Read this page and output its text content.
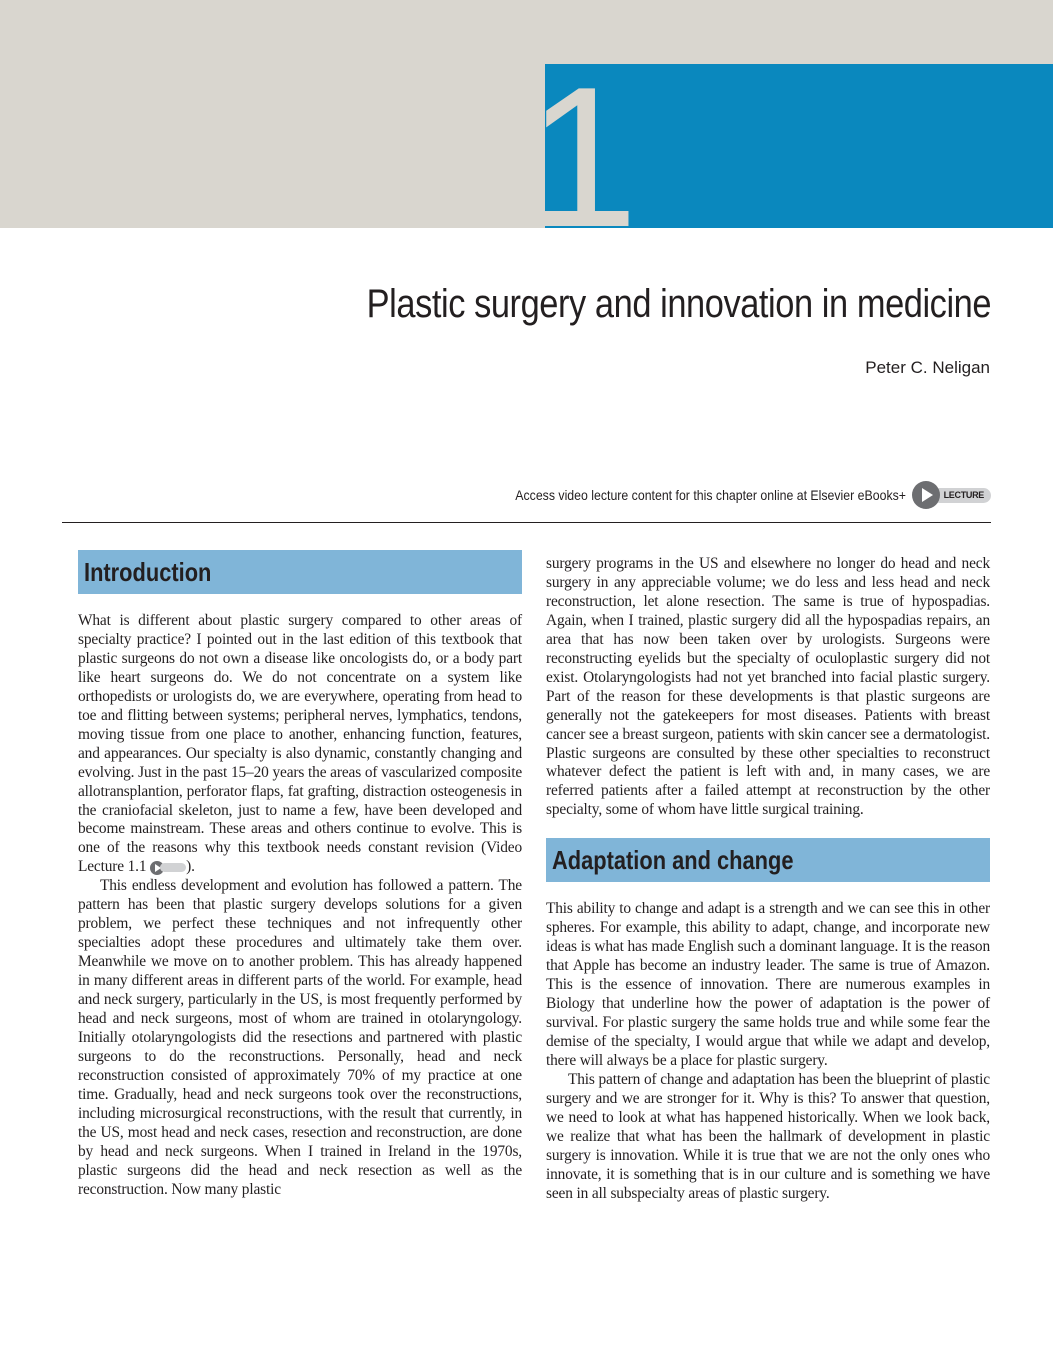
1
Plastic surgery and innovation in medicine
Peter C. Neligan
Access video lecture content for this chapter online at Elsevier eBooks+	LECTURE
Introduction

What is different about plastic surgery compared to other areas of specialty practice? I pointed out in the last edition of this textbook that plastic surgeons do not own a disease like oncologists do, or a body part like heart surgeons do. We do not concentrate on a system like orthopedists or urologists do, we are everywhere, operating from head to toe and flitting between systems; peripheral nerves, lymphatics, tendons, moving tissue from one place to another, enhancing function, features, and appearances. Our specialty is also dynamic, constantly changing and evolving. Just in the past 15–20 years the areas of vascularized composite allotransplantion, perforator flaps, fat grafting, distraction osteogenesis in the craniofacial skeleton, just to name a few, have been developed and become mainstream. These areas and others continue to evolve. This is one of the reasons why this textbook needs constant revision (Video Lecture 1.1	).

This endless development and evolution has followed a pattern. The pattern has been that plastic surgery develops solutions for a given problem, we perfect these techniques and not infrequently other specialties adopt these procedures and ultimately take them over. Meanwhile we move on to another problem. This has already happened in many different areas in different parts of the world. For example, head and neck surgery, particularly in the US, is most frequently performed by head and neck surgeons, most of whom are trained in otolaryngology. Initially otolaryngologists did the resections and partnered with plastic surgeons to do the reconstructions. Personally, head and neck reconstruction consisted of approximately 70% of my practice at one time. Gradually, head and neck surgeons took over the reconstructions, including microsurgical reconstructions, with the result that currently, in the US, most head and neck cases, resection and reconstruction, are done by head and neck surgeons. When I trained in Ireland in the 1970s, plastic surgeons did the head and neck resection as well as the reconstruction. Now many plastic

surgery programs in the US and elsewhere no longer do head and neck surgery in any appreciable volume; we do less and less head and neck reconstruction, let alone resection. The same is true of hypospadias. Again, when I trained, plastic surgery did all the hypospadias repairs, an area that has now been taken over by urologists. Surgeons were reconstructing eyelids but the specialty of oculoplastic surgery did not exist. Otolaryngologists had not yet branched into facial plastic surgery. Part of the reason for these developments is that plastic surgeons are generally not the gatekeepers for most diseases. Patients with breast cancer see a breast surgeon, patients with skin cancer see a dermatologist. Plastic surgeons are consulted by these other specialties to reconstruct whatever defect the patient is left with and, in many cases, we are referred patients after a failed attempt at reconstruction by the other specialty, some of whom have little surgical training.

Adaptation and change

This ability to change and adapt is a strength and we can see this in other spheres. For example, this ability to adapt, change, and incorporate new ideas is what has made English such a dominant language. It is the reason that Apple has become an industry leader. The same is true of Amazon. This is the essence of innovation. There are numerous examples in Biology that underline how the power of adaptation is the power of survival. For plastic surgery the same holds true and while some fear the demise of the specialty, I would argue that while we adapt and develop, there will always be a place for plastic surgery.

This pattern of change and adaptation has been the blueprint of plastic surgery and we are stronger for it. Why is this? To answer that question, we need to look at what has happened historically. When we look back, we realize that what has been the hallmark of development in plastic surgery is innovation. While it is true that we are not the only ones who innovate, it is something that is in our culture and is something we have seen in all subspecialty areas of plastic surgery.
